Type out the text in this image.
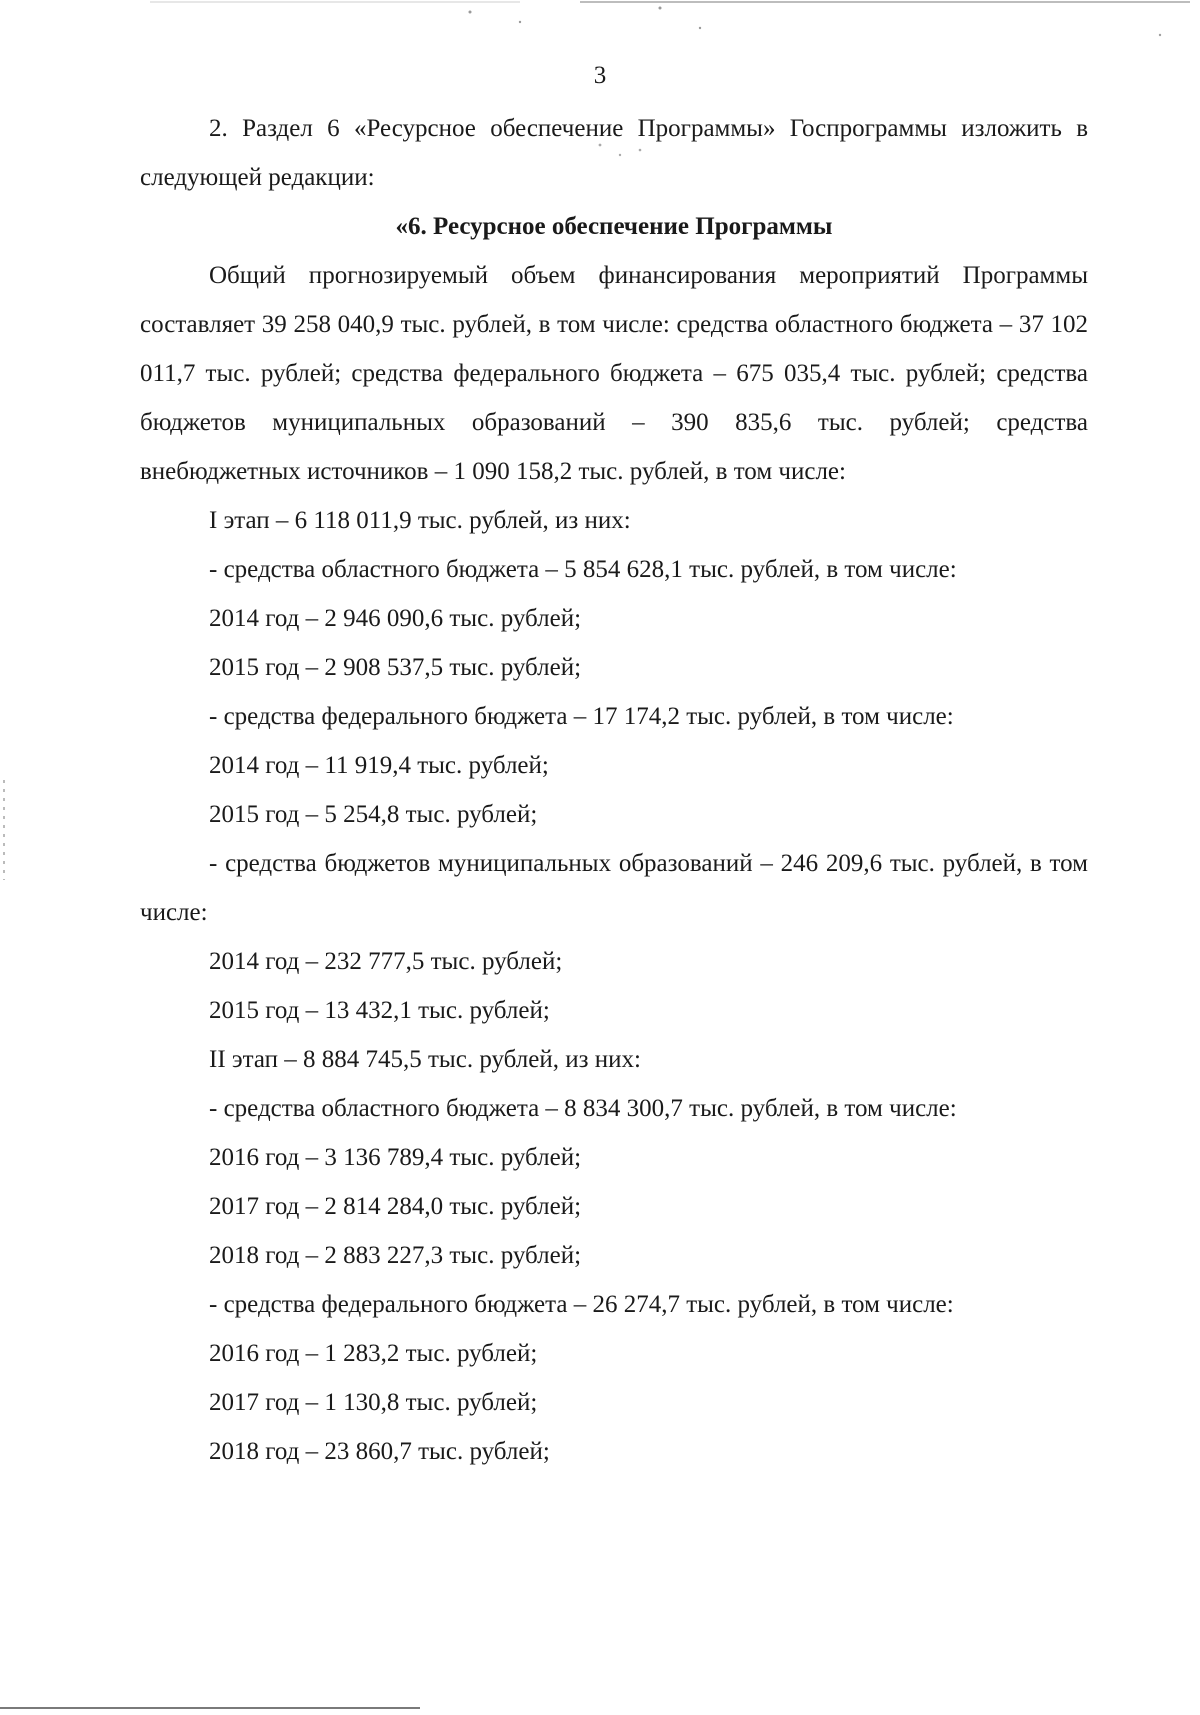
3

2. Раздел 6 «Ресурсное обеспечение Программы» Госпрограммы изложить в следующей редакции:

«6. Ресурсное обеспечение Программы

Общий прогнозируемый объем финансирования мероприятий Программы составляет 39 258 040,9 тыс. рублей, в том числе: средства областного бюджета – 37 102 011,7 тыс. рублей; средства федерального бюджета – 675 035,4 тыс. рублей; средства бюджетов муниципальных образований – 390 835,6 тыс. рублей; средства внебюджетных источников – 1 090 158,2 тыс. рублей, в том числе:

I этап – 6 118 011,9 тыс. рублей, из них:

- средства областного бюджета – 5 854 628,1 тыс. рублей, в том числе:

2014 год – 2 946 090,6 тыс. рублей;

2015 год – 2 908 537,5 тыс. рублей;

- средства федерального бюджета – 17 174,2 тыс. рублей, в том числе:

2014 год – 11 919,4 тыс. рублей;

2015 год – 5 254,8 тыс. рублей;

- средства бюджетов муниципальных образований – 246 209,6 тыс. рублей, в том числе:

2014 год – 232 777,5 тыс. рублей;

2015 год – 13 432,1 тыс. рублей;

II этап – 8 884 745,5 тыс. рублей, из них:

- средства областного бюджета – 8 834 300,7 тыс. рублей, в том числе:

2016 год – 3 136 789,4 тыс. рублей;

2017 год – 2 814 284,0 тыс. рублей;

2018 год – 2 883 227,3 тыс. рублей;

- средства федерального бюджета – 26 274,7 тыс. рублей, в том числе:

2016 год – 1 283,2 тыс. рублей;

2017 год – 1 130,8 тыс. рублей;

2018 год – 23 860,7 тыс. рублей;
